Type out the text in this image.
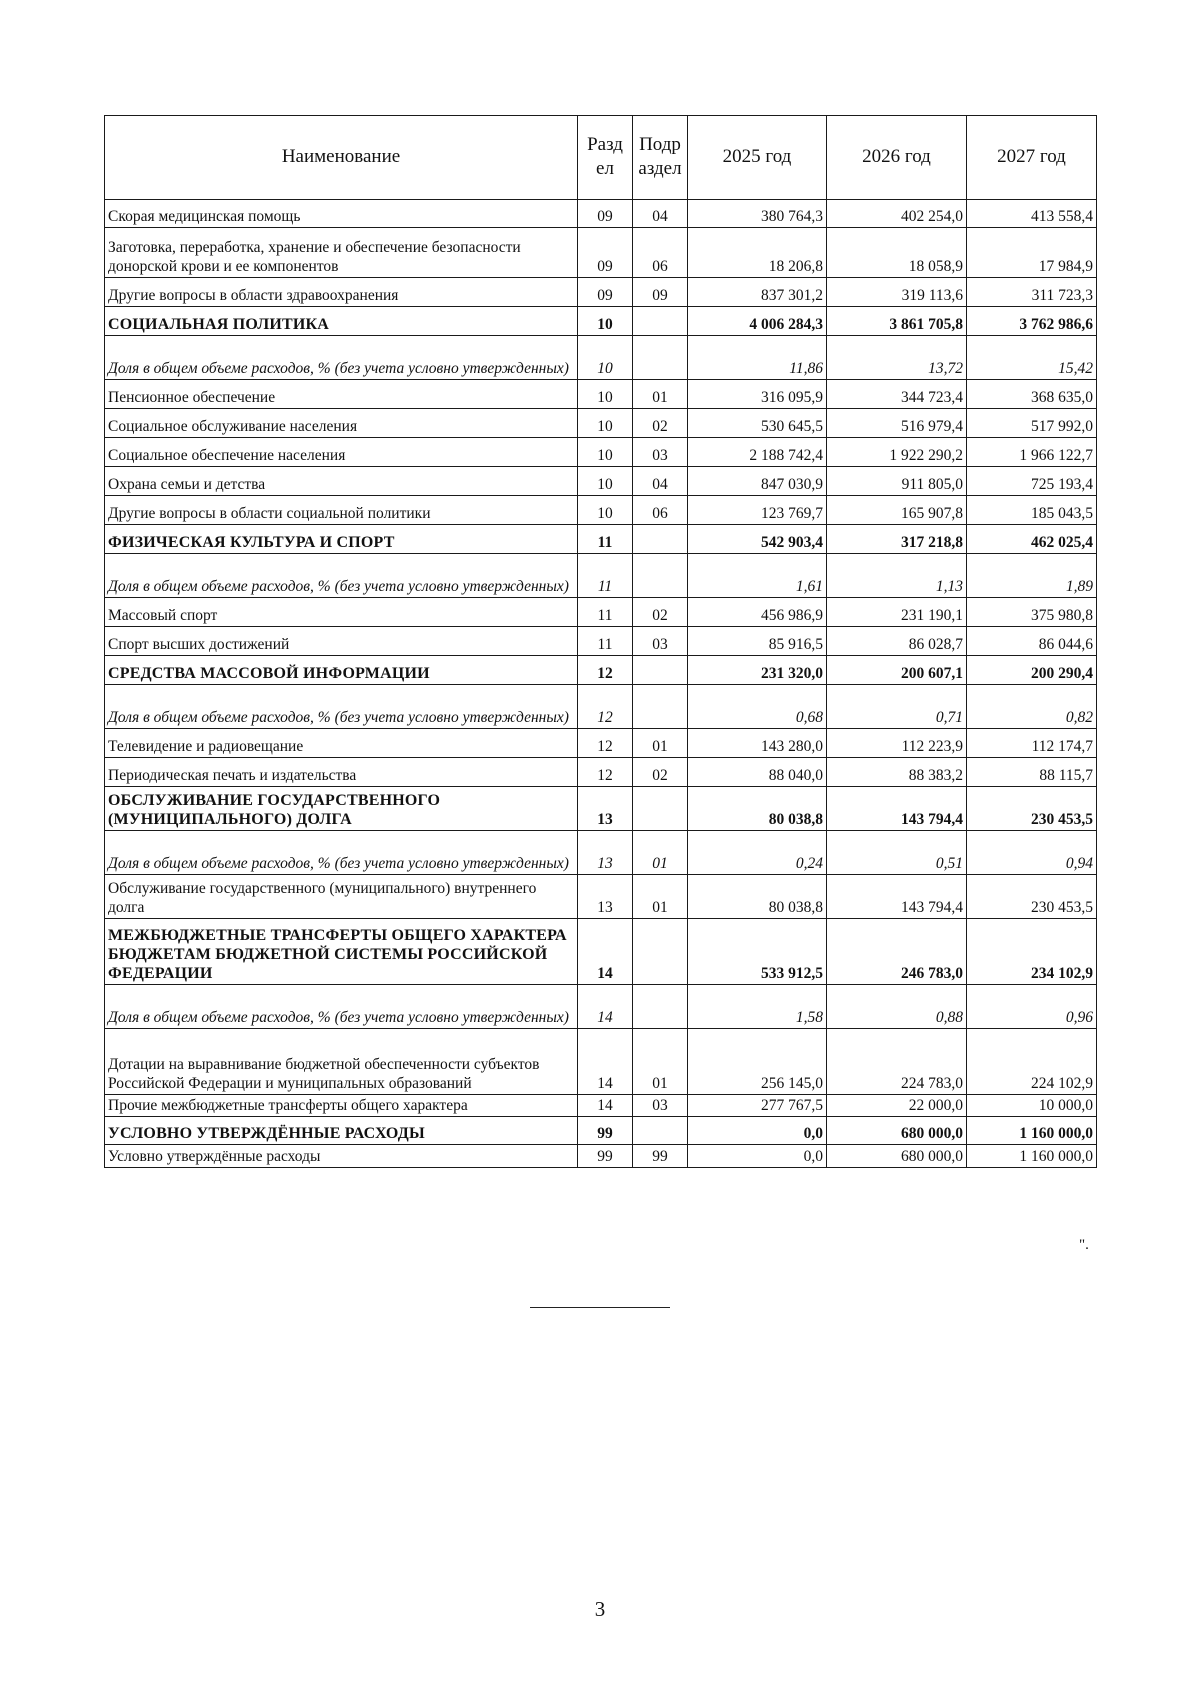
Наименование	Разд ел	Подр аздел	2025 год	2026 год	2027 год
Скорая медицинская помощь	09	04	380 764,3	402 254,0	413 558,4
Заготовка, переработка, хранение и обеспечение безопасности донорской крови и ее компонентов	09	06	18 206,8	18 058,9	17 984,9
Другие вопросы в области здравоохранения	09	09	837 301,2	319 113,6	311 723,3
СОЦИАЛЬНАЯ ПОЛИТИКА	10		4 006 284,3	3 861 705,8	3 762 986,6
Доля в общем объеме расходов, % (без учета условно утвержденных)	10		11,86	13,72	15,42
Пенсионное обеспечение	10	01	316 095,9	344 723,4	368 635,0
Социальное обслуживание населения	10	02	530 645,5	516 979,4	517 992,0
Социальное обеспечение населения	10	03	2 188 742,4	1 922 290,2	1 966 122,7
Охрана семьи и детства	10	04	847 030,9	911 805,0	725 193,4
Другие вопросы в области социальной политики	10	06	123 769,7	165 907,8	185 043,5
ФИЗИЧЕСКАЯ КУЛЬТУРА И СПОРТ	11		542 903,4	317 218,8	462 025,4
Доля в общем объеме расходов, % (без учета условно утвержденных)	11		1,61	1,13	1,89
Массовый спорт	11	02	456 986,9	231 190,1	375 980,8
Спорт высших достижений	11	03	85 916,5	86 028,7	86 044,6
СРЕДСТВА МАССОВОЙ ИНФОРМАЦИИ	12		231 320,0	200 607,1	200 290,4
Доля в общем объеме расходов, % (без учета условно утвержденных)	12		0,68	0,71	0,82
Телевидение и радиовещание	12	01	143 280,0	112 223,9	112 174,7
Периодическая печать и издательства	12	02	88 040,0	88 383,2	88 115,7
ОБСЛУЖИВАНИЕ ГОСУДАРСТВЕННОГО (МУНИЦИПАЛЬНОГО) ДОЛГА	13		80 038,8	143 794,4	230 453,5
Доля в общем объеме расходов, % (без учета условно утвержденных)	13	01	0,24	0,51	0,94
Обслуживание государственного (муниципального) внутреннего долга	13	01	80 038,8	143 794,4	230 453,5
МЕЖБЮДЖЕТНЫЕ ТРАНСФЕРТЫ ОБЩЕГО ХАРАКТЕРА БЮДЖЕТАМ БЮДЖЕТНОЙ СИСТЕМЫ РОССИЙСКОЙ ФЕДЕРАЦИИ	14		533 912,5	246 783,0	234 102,9
Доля в общем объеме расходов, % (без учета условно утвержденных)	14		1,58	0,88	0,96
Дотации на выравнивание бюджетной обеспеченности субъектов Российской Федерации и муниципальных образований	14	01	256 145,0	224 783,0	224 102,9
Прочие межбюджетные трансферты общего характера	14	03	277 767,5	22 000,0	10 000,0
УСЛОВНО УТВЕРЖДЁННЫЕ РАСХОДЫ	99		0,0	680 000,0	1 160 000,0
Условно утверждённые расходы	99	99	0,0	680 000,0	1 160 000,0
".
3
